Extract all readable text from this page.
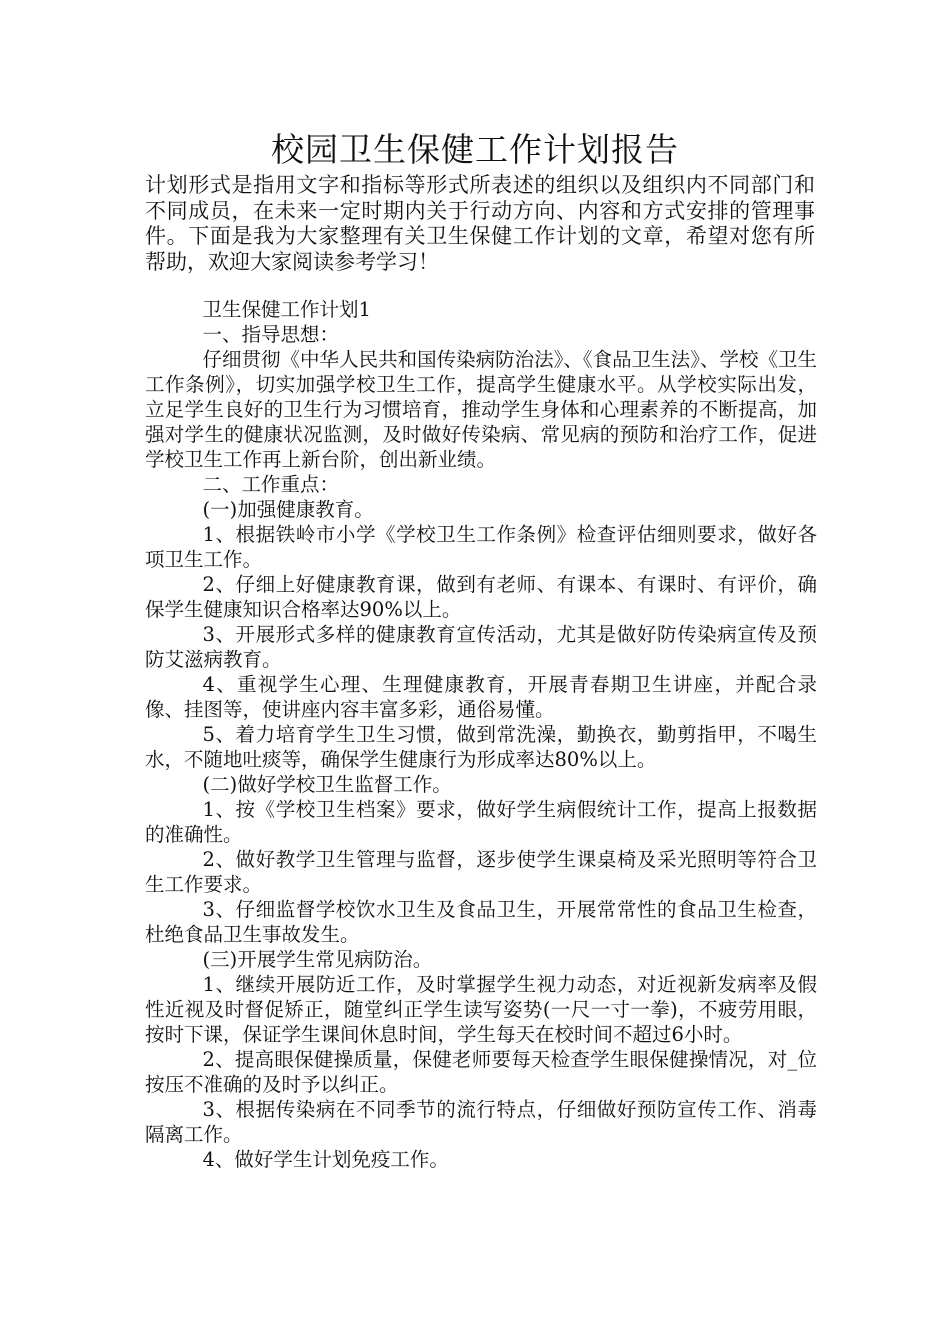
校园卫生保健工作计划报告

计划形式是指用文字和指标等形式所表述的组织以及组织内不同部门和不同成员，在未来一定时期内关于行动方向、内容和方式安排的管理事件。下面是我为大家整理有关卫生保健工作计划的文章，希望对您有所帮助，欢迎大家阅读参考学习！

卫生保健工作计划1

一、指导思想：

仔细贯彻《中华人民共和国传染病防治法》、《食品卫生法》、学校《卫生工作条例》，切实加强学校卫生工作，提高学生健康水平。从学校实际出发，立足学生良好的卫生行为习惯培育，推动学生身体和心理素养的不断提高，加强对学生的健康状况监测，及时做好传染病、常见病的预防和治疗工作，促进学校卫生工作再上新台阶，创出新业绩。

二、工作重点：

(一)加强健康教育。

1、根据铁岭市小学《学校卫生工作条例》检查评估细则要求，做好各项卫生工作。

2、仔细上好健康教育课，做到有老师、有课本、有课时、有评价，确保学生健康知识合格率达90%以上。

3、开展形式多样的健康教育宣传活动，尤其是做好防传染病宣传及预防艾滋病教育。

4、重视学生心理、生理健康教育，开展青春期卫生讲座，并配合录像、挂图等，使讲座内容丰富多彩，通俗易懂。

5、着力培育学生卫生习惯，做到常洗澡，勤换衣，勤剪指甲，不喝生水，不随地吐痰等，确保学生健康行为形成率达80%以上。

(二)做好学校卫生监督工作。

1、按《学校卫生档案》要求，做好学生病假统计工作，提高上报数据的准确性。

2、做好教学卫生管理与监督，逐步使学生课桌椅及采光照明等符合卫生工作要求。

3、仔细监督学校饮水卫生及食品卫生，开展常常性的食品卫生检查，杜绝食品卫生事故发生。

(三)开展学生常见病防治。

1、继续开展防近工作，及时掌握学生视力动态，对近视新发病率及假性近视及时督促矫正，随堂纠正学生读写姿势(一尺一寸一拳)，不疲劳用眼，按时下课，保证学生课间休息时间，学生每天在校时间不超过6小时。

2、提高眼保健操质量，保健老师要每天检查学生眼保健操情况，对_位按压不准确的及时予以纠正。

3、根据传染病在不同季节的流行特点，仔细做好预防宣传工作、消毒隔离工作。

4、做好学生计划免疫工作。
